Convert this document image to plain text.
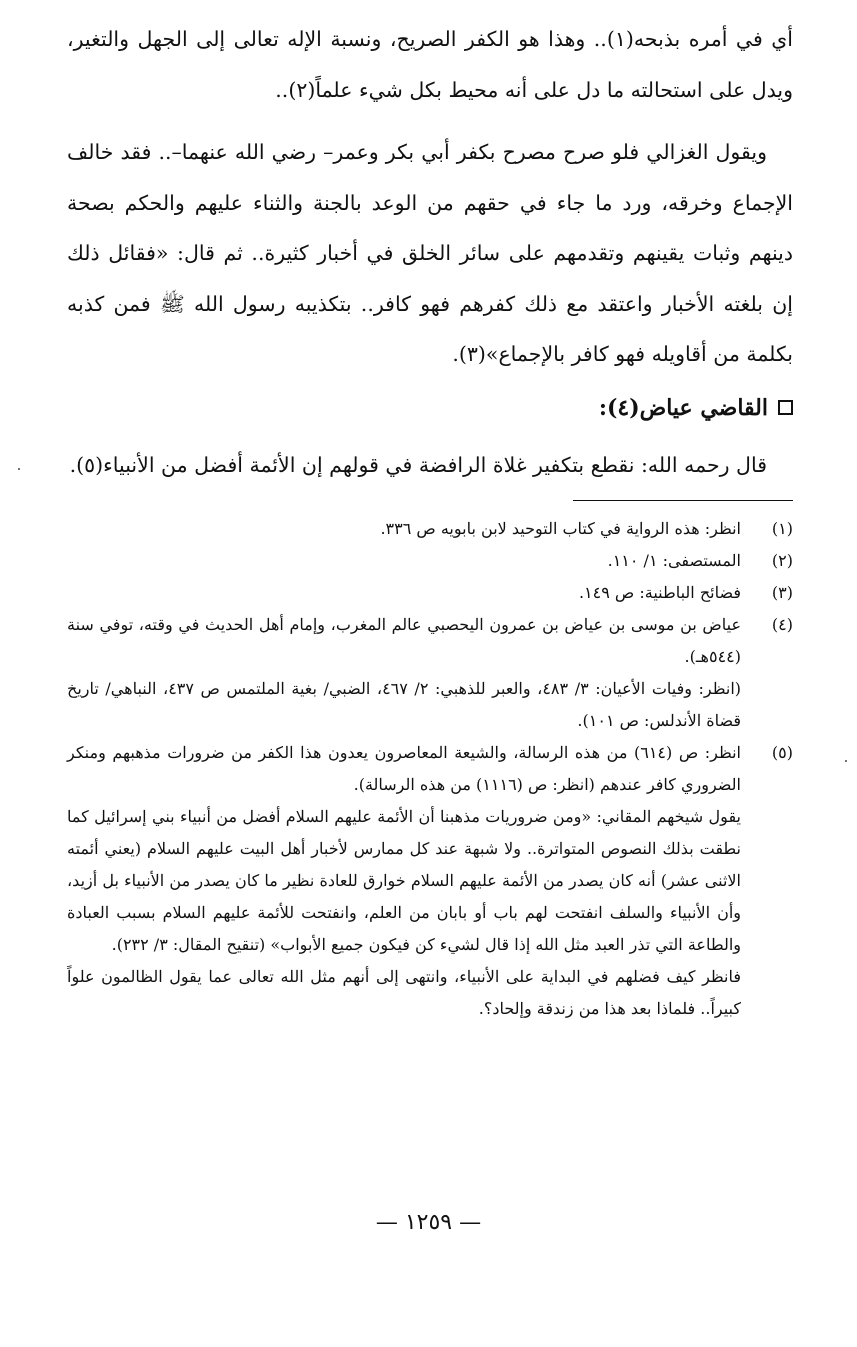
أي في أمره بذبحه(١).. وهذا هو الكفر الصريح، ونسبة الإله تعالى إلى الجهل والتغير، ويدل على استحالته ما دل على أنه محيط بكل شيء علماً(٢)..

ويقول الغزالي فلو صرح مصرح بكفر أبي بكر وعمر– رضي الله عنهما–.. فقد خالف الإجماع وخرقه، ورد ما جاء في حقهم من الوعد بالجنة والثناء عليهم والحكم بصحة دينهم وثبات يقينهم وتقدمهم على سائر الخلق في أخبار كثيرة.. ثم قال: «فقائل ذلك إن بلغته الأخبار واعتقد مع ذلك كفرهم فهو كافر.. بتكذيبه رسول الله ﷺ فمن كذبه بكلمة من أقاويله فهو كافر بالإجماع»(٣).

القاضي عياض(٤):

قال رحمه الله: نقطع بتكفير غلاة الرافضة في قولهم إن الأئمة أفضل من الأنبياء(٥).

(١)
انظر: هذه الرواية في كتاب التوحيد لابن بابويه ص ٣٣٦.
(٢)
المستصفى: ١/ ١١٠.
(٣)
فضائح الباطنية: ص ١٤٩.
(٤)
عياض بن موسى بن عياض بن عمرون اليحصبي عالم المغرب، وإمام أهل الحديث في وقته، توفي سنة (٥٤٤هـ).
(انظر: وفيات الأعيان: ٣/ ٤٨٣، والعبر للذهبي: ٢/ ٤٦٧، الضبي/ بغية الملتمس ص ٤٣٧، النباهي/ تاريخ قضاة الأندلس: ص ١٠١).
(٥)
انظر: ص (٦١٤) من هذه الرسالة، والشيعة المعاصرون يعدون هذا الكفر من ضرورات مذهبهم ومنكر الضروري كافر عندهم (انظر: ص (١١١٦) من هذه الرسالة).
يقول شيخهم المقاني: «ومن ضروريات مذهبنا أن الأئمة عليهم السلام أفضل من أنبياء بني إسرائيل كما نطقت بذلك النصوص المتواترة.. ولا شبهة عند كل ممارس لأخبار أهل البيت عليهم السلام (يعني أئمته الاثنى عشر) أنه كان يصدر من الأئمة عليهم السلام خوارق للعادة نظير ما كان يصدر من الأنبياء بل أزيد، وأن الأنبياء والسلف انفتحت لهم باب أو بابان من العلم، وانفتحت للأئمة عليهم السلام بسبب العبادة والطاعة التي تذر العبد مثل الله إذا قال لشيء كن فيكون جميع الأبواب» (تنقيح المقال: ٣/ ٢٣٢).
فانظر كيف فضلهم في البداية على الأنبياء، وانتهى إلى أنهم مثل الله تعالى عما يقول الظالمون علواً كبيراً.. فلماذا بعد هذا من زندقة وإلحاد؟.
— ١٢٥٩ —
